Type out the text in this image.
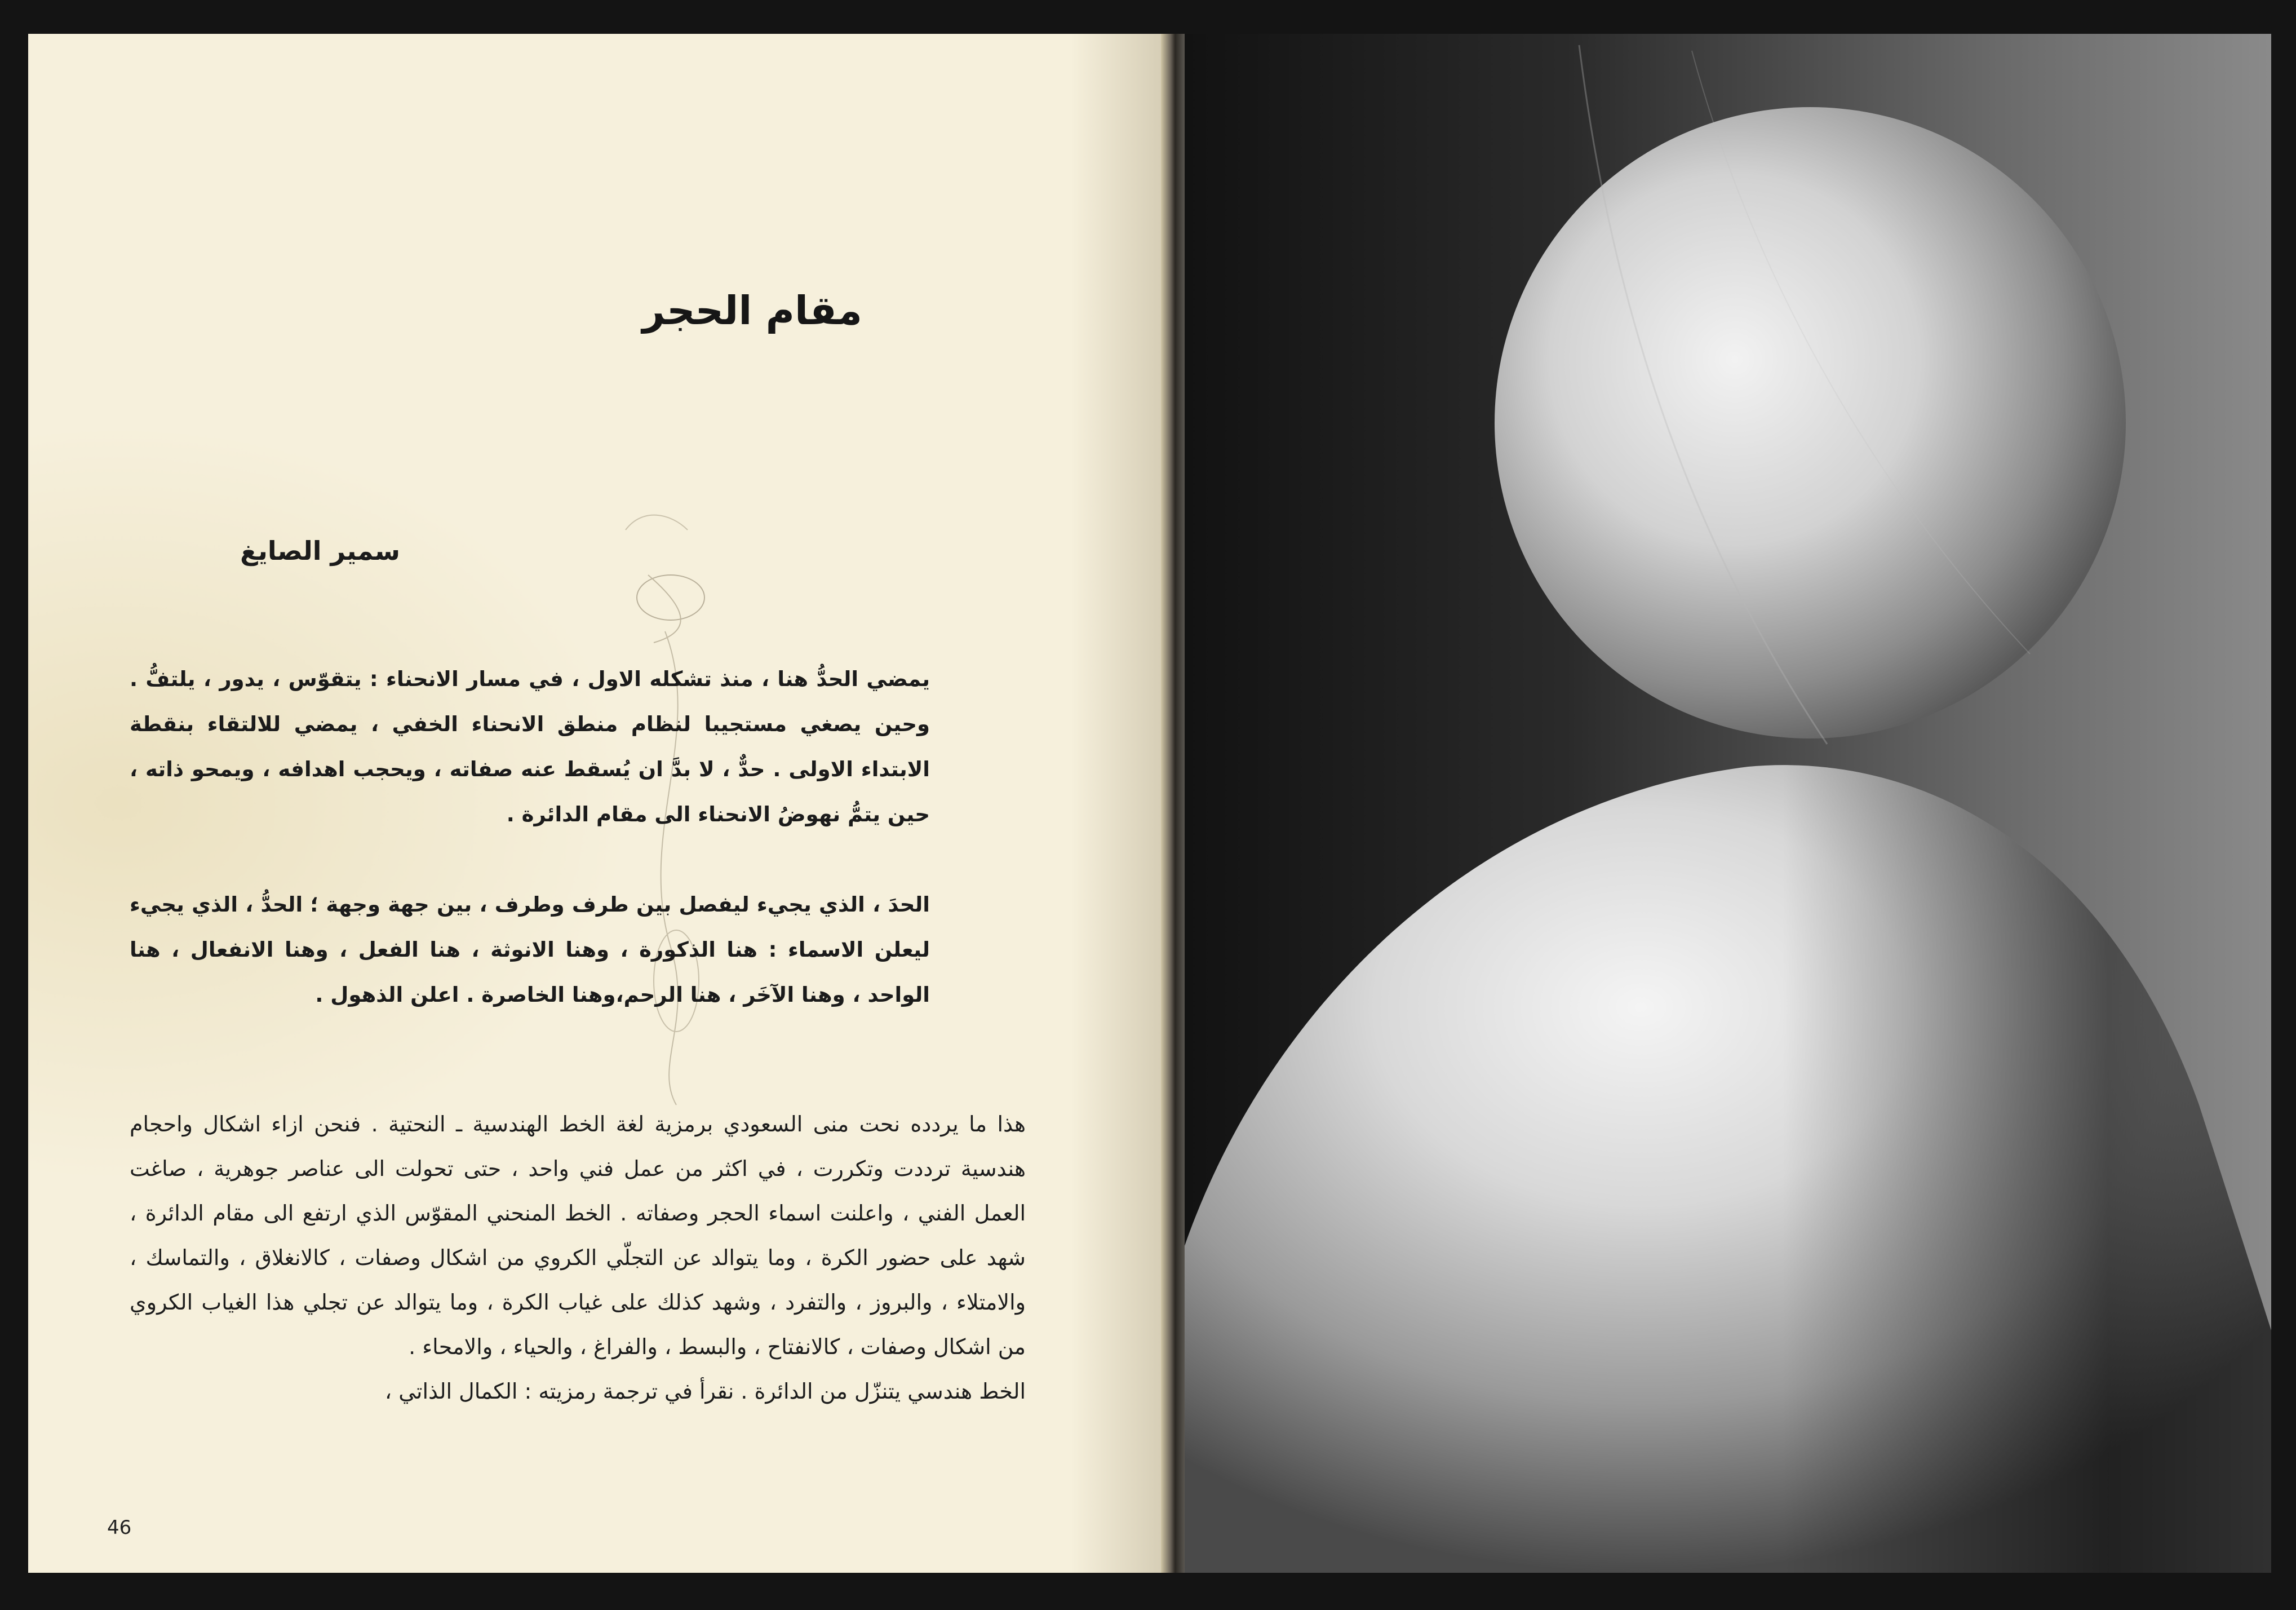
مقام الحجر
سمير الصايغ

يمضي الحدُّ هنا ، منذ تشكله الاول ، في مسار الانحناء : يتقوّس ، يدور ، يلتفُّ . وحين يصغي مستجيبا لنظام منطق الانحناء الخفي ، يمضي للالتقاء بنقطة الابتداء الاولى . حدٌّ ، لا بدَّ ان يُسقط عنه صفاته ، ويحجب اهدافه ، ويمحو ذاته ، حين يتمُّ نهوضُ الانحناء الى مقام الدائرة .

الحدَ ، الذي يجيء ليفصل بين طرف وطرف ، بين جهة وجهة ؛ الحدُّ ، الذي يجيء ليعلن الاسماء : هنا الذكورة ، وهنا الانوثة ، هنا الفعل ، وهنا الانفعال ، هنا الواحد ، وهنا الآخَر ، هنا الرحم،وهنا الخاصرة . اعلن الذهول .

هذا ما يردده نحت منى السعودي برمزية لغة الخط الهندسية ـ النحتية . فنحن ازاء اشكال واحجام هندسية ترددت وتكررت ، في اكثر من عمل فني واحد ، حتى تحولت الى عناصر جوهرية ، صاغت العمل الفني ، واعلنت اسماء الحجر وصفاته . الخط المنحني المقوّس الذي ارتفع الى مقام الدائرة ، شهد على حضور الكرة ، وما يتوالد عن التجلّي الكروي من اشكال وصفات ، كالانغلاق ، والتماسك ، والامتلاء ، والبروز ، والتفرد ، وشهد كذلك على غياب الكرة ، وما يتوالد عن تجلي هذا الغياب الكروي من اشكال وصفات ، كالانفتاح ، والبسط ، والفراغ ، والحياء ، والامحاء .

الخط هندسي يتنزّل من الدائرة . نقرأ في ترجمة رمزيته : الكمال الذاتي ،

46
